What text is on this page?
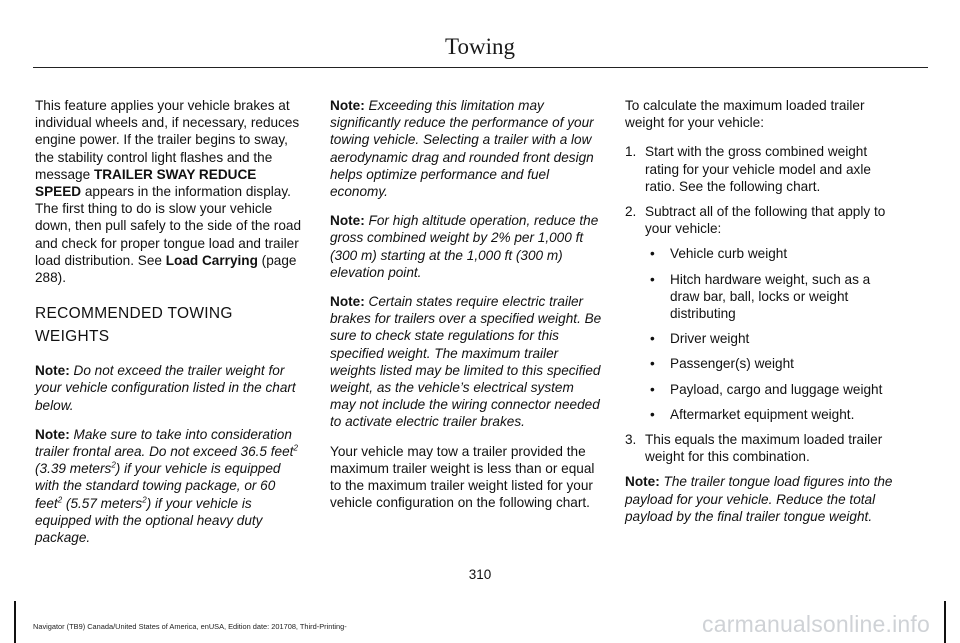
Towing

This feature applies your vehicle brakes at individual wheels and, if necessary, reduces engine power. If the trailer begins to sway, the stability control light flashes and the message TRAILER SWAY REDUCE SPEED appears in the information display. The first thing to do is slow your vehicle down, then pull safely to the side of the road and check for proper tongue load and trailer load distribution. See Load Carrying (page 288).

RECOMMENDED TOWING WEIGHTS

Note: Do not exceed the trailer weight for your vehicle configuration listed in the chart below.

Note: Make sure to take into consideration trailer frontal area. Do not exceed 36.5 feet$^2$ (3.39 meters$^2$) if your vehicle is equipped with the standard towing package, or 60 feet$^2$ (5.57 meters$^2$) if your vehicle is equipped with the optional heavy duty package.

Note: Exceeding this limitation may significantly reduce the performance of your towing vehicle. Selecting a trailer with a low aerodynamic drag and rounded front design helps optimize performance and fuel economy.

Note: For high altitude operation, reduce the gross combined weight by 2% per 1,000 ft (300 m) starting at the 1,000 ft (300 m) elevation point.

Note: Certain states require electric trailer brakes for trailers over a specified weight. Be sure to check state regulations for this specified weight. The maximum trailer weights listed may be limited to this specified weight, as the vehicle’s electrical system may not include the wiring connector needed to activate electric trailer brakes.

Your vehicle may tow a trailer provided the maximum trailer weight is less than or equal to the maximum trailer weight listed for your vehicle configuration on the following chart.

To calculate the maximum loaded trailer weight for your vehicle:

1. Start with the gross combined weight rating for your vehicle model and axle ratio. See the following chart.
2. Subtract all of the following that apply to your vehicle:
• Vehicle curb weight
• Hitch hardware weight, such as a draw bar, ball, locks or weight distributing
• Driver weight
• Passenger(s) weight
• Payload, cargo and luggage weight
• Aftermarket equipment weight.
3. This equals the maximum loaded trailer weight for this combination.

Note: The trailer tongue load figures into the payload for your vehicle. Reduce the total payload by the final trailer tongue weight.

310
Navigator (TB9) Canada/United States of America, enUSA, Edition date: 201708, Third-Printing-	carmanualsonline.info
